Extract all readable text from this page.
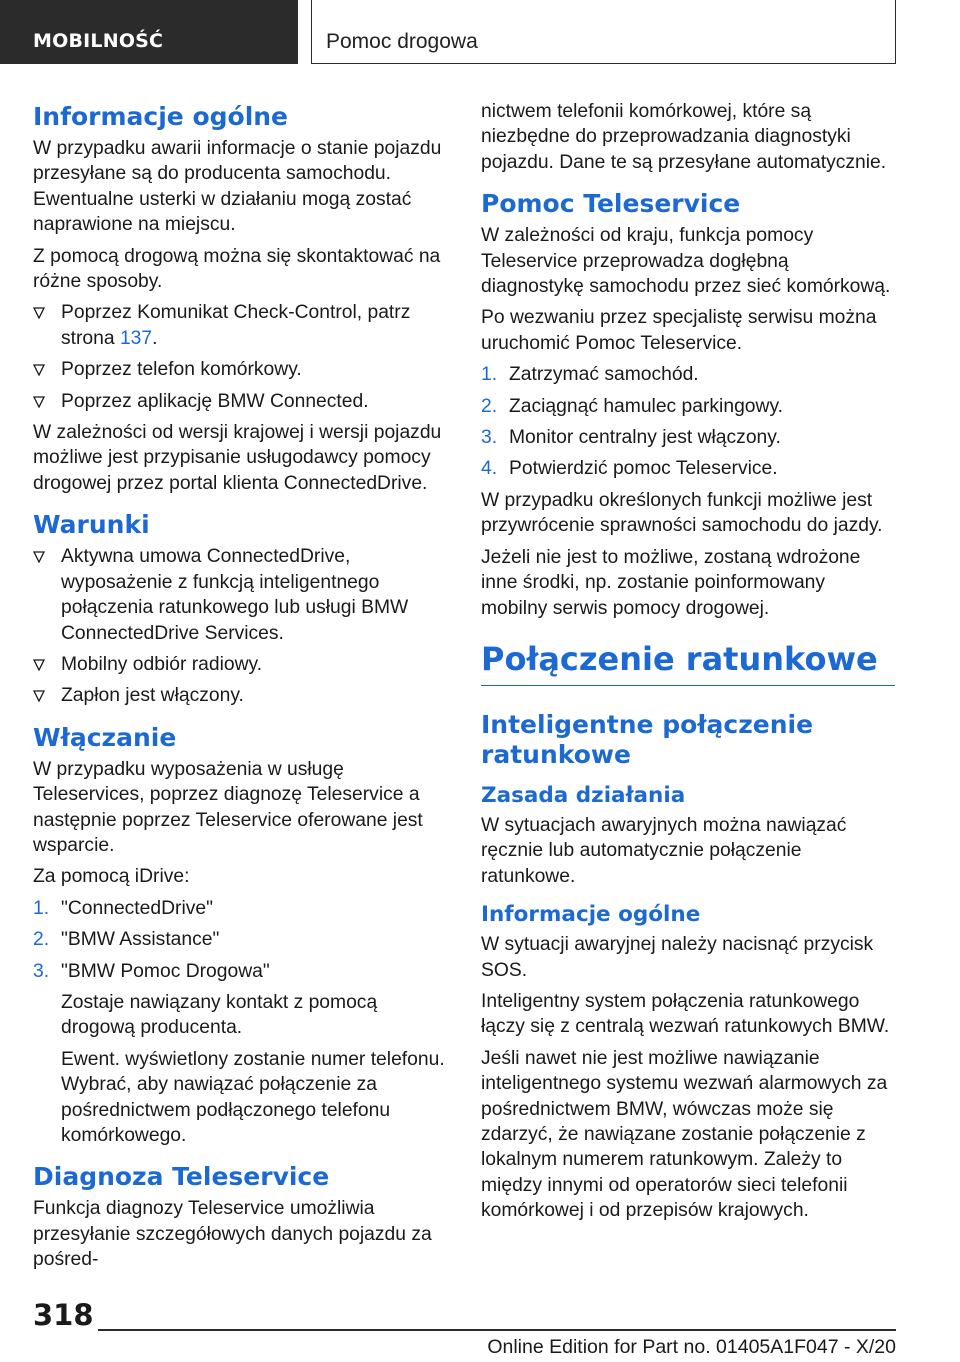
MOBILNOŚĆ	Pomoc drogowa
Informacje ogólne

W przypadku awarii informacje o stanie pojazdu przesyłane są do producenta samochodu. Ewentualne usterki w działaniu mogą zostać naprawione na miejscu.

Z pomocą drogową można się skontaktować na różne sposoby.

Poprzez Komunikat Check-Control, patrz strona 137.
Poprzez telefon komórkowy.
Poprzez aplikację BMW Connected.

W zależności od wersji krajowej i wersji pojazdu możliwe jest przypisanie usługodawcy pomocy drogowej przez portal klienta ConnectedDrive.

Warunki
Aktywna umowa ConnectedDrive, wyposażenie z funkcją inteligentnego połączenia ratunkowego lub usługi BMW ConnectedDrive Services.
Mobilny odbiór radiowy.
Zapłon jest włączony.
Włączanie

W przypadku wyposażenia w usługę Teleservices, poprzez diagnozę Teleservice a następnie poprzez Teleservice oferowane jest wsparcie.

Za pomocą iDrive:

1. "ConnectedDrive"
2. "BMW Assistance"
3. "BMW Pomoc Drogowa"
Zostaje nawiązany kontakt z pomocą drogową producenta.
Ewent. wyświetlony zostanie numer telefonu. Wybrać, aby nawiązać połączenie za pośrednictwem podłączonego telefonu komórkowego.
Diagnoza Teleservice

Funkcja diagnozy Teleservice umożliwia przesyłanie szczegółowych danych pojazdu za pośred-

nictwem telefonii komórkowej, które są niezbędne do przeprowadzania diagnostyki pojazdu. Dane te są przesyłane automatycznie.

Pomoc Teleservice

W zależności od kraju, funkcja pomocy Teleservice przeprowadza dogłębną diagnostykę samochodu przez sieć komórkową.

Po wezwaniu przez specjalistę serwisu można uruchomić Pomoc Teleservice.

1. Zatrzymać samochód.
2. Zaciągnąć hamulec parkingowy.
3. Monitor centralny jest włączony.
4. Potwierdzić pomoc Teleservice.

W przypadku określonych funkcji możliwe jest przywrócenie sprawności samochodu do jazdy.

Jeżeli nie jest to możliwe, zostaną wdrożone inne środki, np. zostanie poinformowany mobilny serwis pomocy drogowej.

Połączenie ratunkowe
Inteligentne połączenie ratunkowe
Zasada działania

W sytuacjach awaryjnych można nawiązać ręcznie lub automatycznie połączenie ratunkowe.

Informacje ogólne

W sytuacji awaryjnej należy nacisnąć przycisk SOS.

Inteligentny system połączenia ratunkowego łączy się z centralą wezwań ratunkowych BMW.

Jeśli nawet nie jest możliwe nawiązanie inteligentnego systemu wezwań alarmowych za pośrednictwem BMW, wówczas może się zdarzyć, że nawiązane zostanie połączenie z lokalnym numerem ratunkowym. Zależy to między innymi od operatorów sieci telefonii komórkowej i od przepisów krajowych.

318
Online Edition for Part no. 01405A1F047 - X/20
